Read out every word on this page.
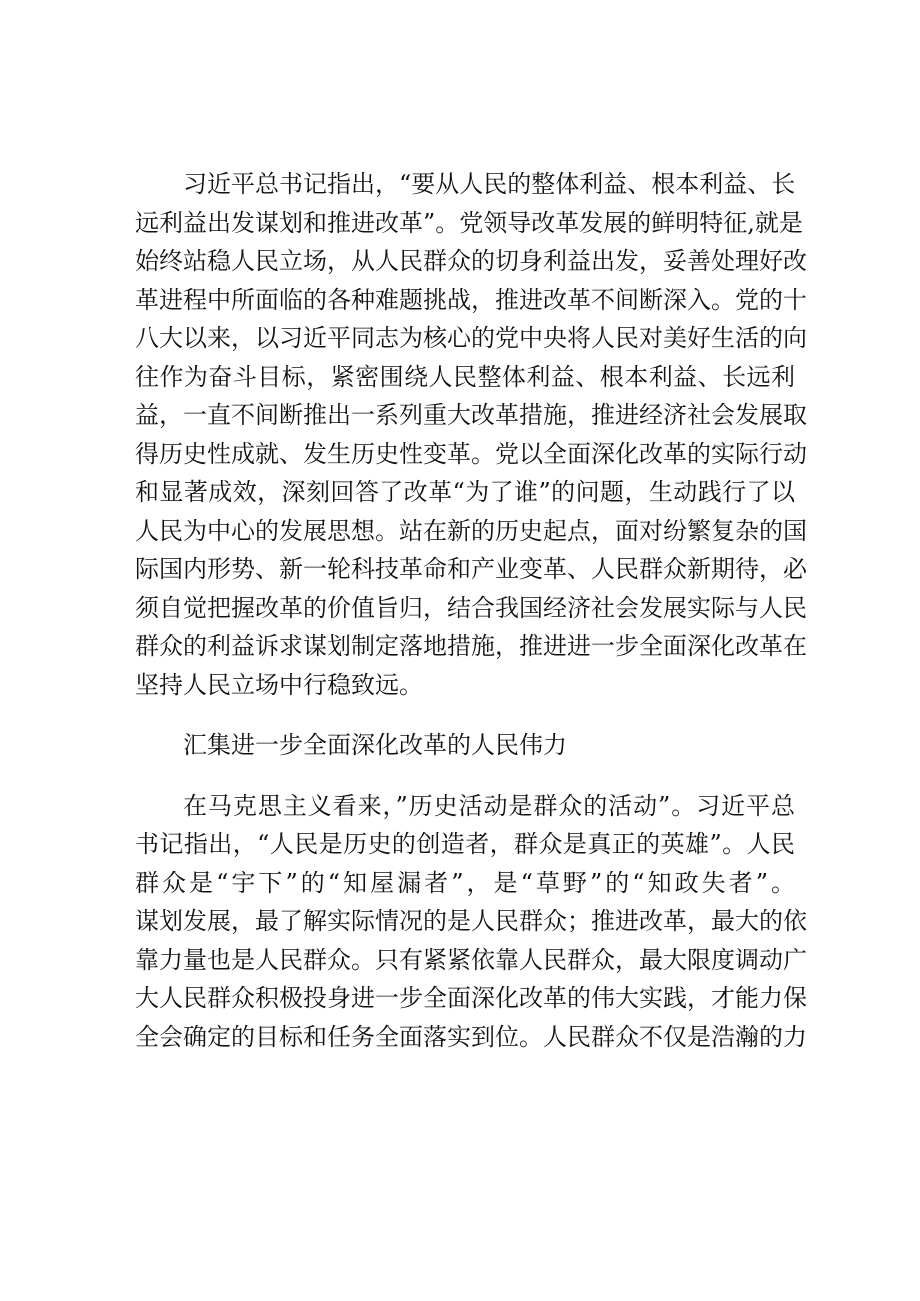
习近平总书记指出，“要从人民的整体利益、根本利益、长
远利益出发谋划和推进改革”。党领导改革发展的鲜明特征,就是
始终站稳人民立场，从人民群众的切身利益出发，妥善处理好改
革进程中所面临的各种难题挑战，推进改革不间断深入。党的十
八大以来，以习近平同志为核心的党中央将人民对美好生活的向
往作为奋斗目标，紧密围绕人民整体利益、根本利益、长远利
益，一直不间断推出一系列重大改革措施，推进经济社会发展取
得历史性成就、发生历史性变革。党以全面深化改革的实际行动
和显著成效，深刻回答了改革“为了谁”的问题，生动践行了以
人民为中心的发展思想。站在新的历史起点，面对纷繁复杂的国
际国内形势、新一轮科技革命和产业变革、人民群众新期待，必
须自觉把握改革的价值旨归，结合我国经济社会发展实际与人民
群众的利益诉求谋划制定落地措施，推进进一步全面深化改革在
坚持人民立场中行稳致远。
汇集进一步全面深化改革的人民伟力
在马克思主义看来，”历史活动是群众的活动”。习近平总
书记指出，“人民是历史的创造者，群众是真正的英雄”。人民
群众是“宇下”的“知屋漏者”，是“草野”的“知政失者”。
谋划发展，最了解实际情况的是人民群众；推进改革，最大的依
靠力量也是人民群众。只有紧紧依靠人民群众，最大限度调动广
大人民群众积极投身进一步全面深化改革的伟大实践，才能力保
全会确定的目标和任务全面落实到位。人民群众不仅是浩瀚的力
